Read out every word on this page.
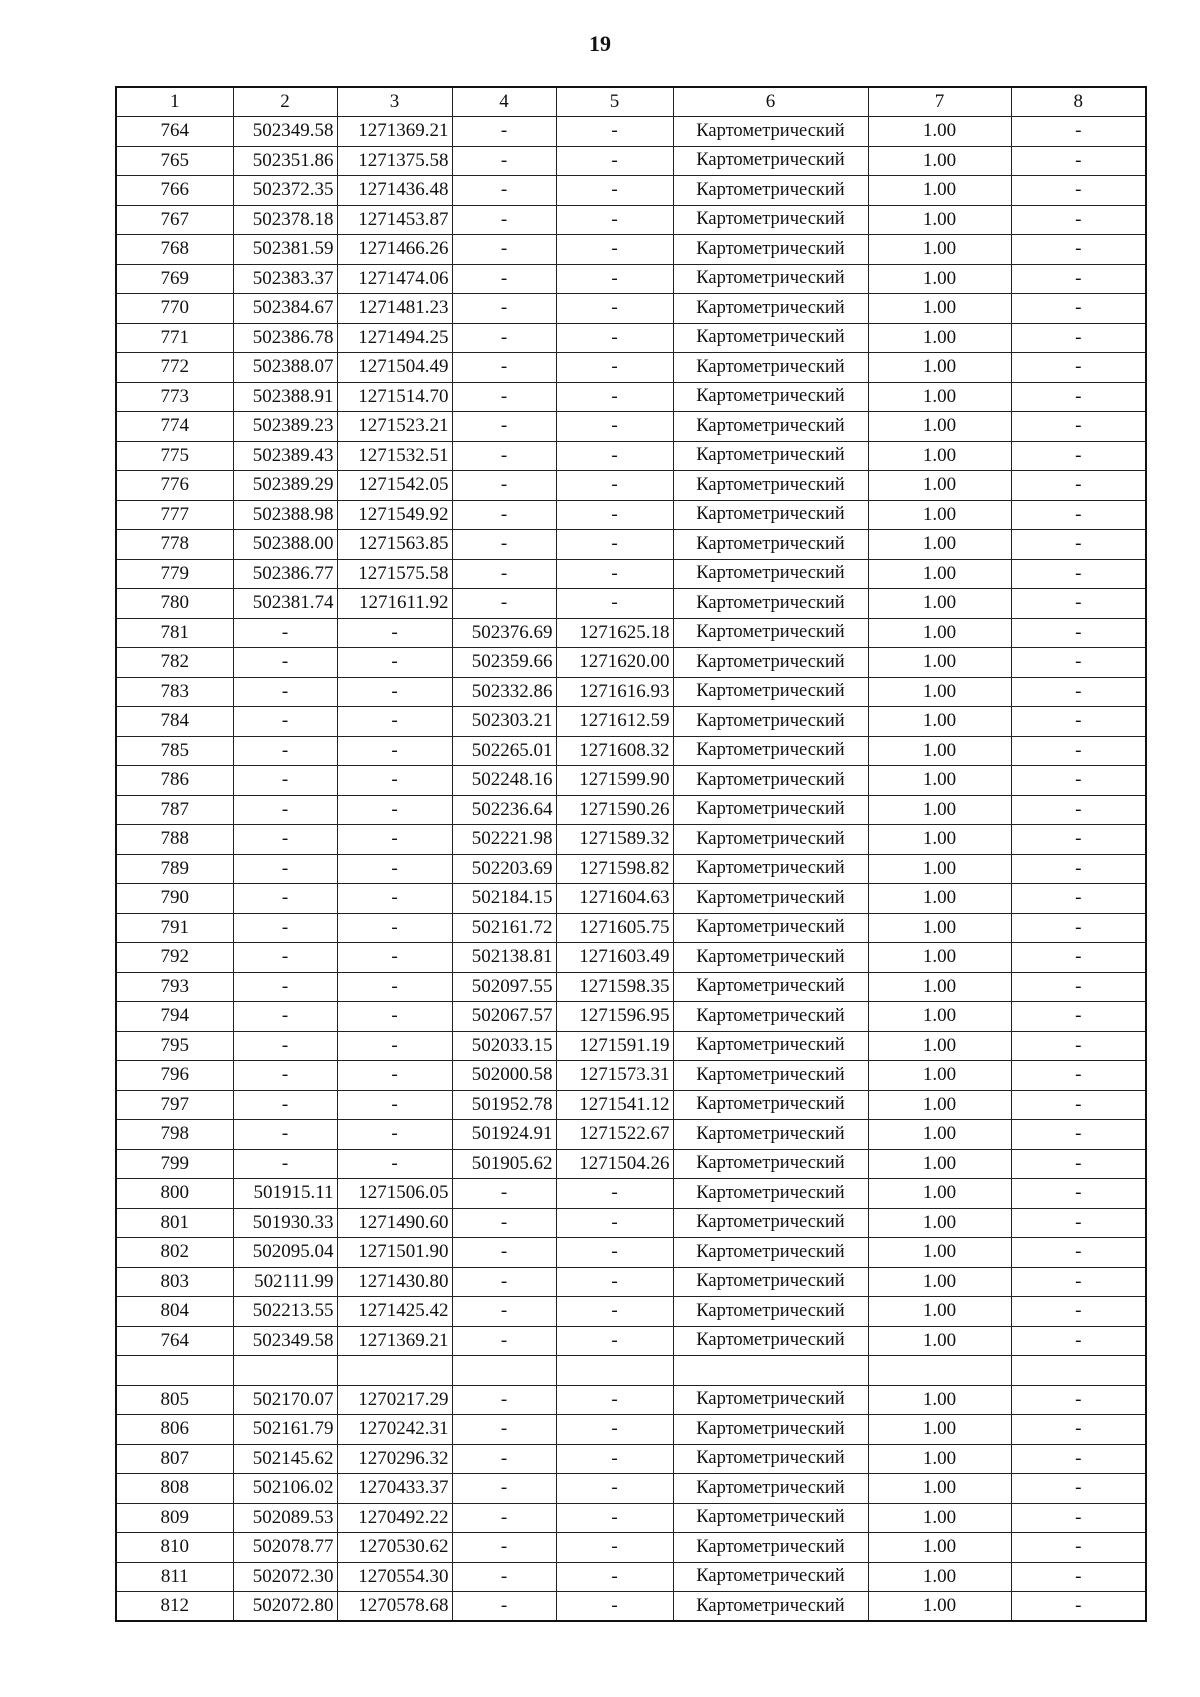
19
1	2	3	4	5	6	7	8
764	502349.58	1271369.21	-	-	Картометрический	1.00	-
765	502351.86	1271375.58	-	-	Картометрический	1.00	-
766	502372.35	1271436.48	-	-	Картометрический	1.00	-
767	502378.18	1271453.87	-	-	Картометрический	1.00	-
768	502381.59	1271466.26	-	-	Картометрический	1.00	-
769	502383.37	1271474.06	-	-	Картометрический	1.00	-
770	502384.67	1271481.23	-	-	Картометрический	1.00	-
771	502386.78	1271494.25	-	-	Картометрический	1.00	-
772	502388.07	1271504.49	-	-	Картометрический	1.00	-
773	502388.91	1271514.70	-	-	Картометрический	1.00	-
774	502389.23	1271523.21	-	-	Картометрический	1.00	-
775	502389.43	1271532.51	-	-	Картометрический	1.00	-
776	502389.29	1271542.05	-	-	Картометрический	1.00	-
777	502388.98	1271549.92	-	-	Картометрический	1.00	-
778	502388.00	1271563.85	-	-	Картометрический	1.00	-
779	502386.77	1271575.58	-	-	Картометрический	1.00	-
780	502381.74	1271611.92	-	-	Картометрический	1.00	-
781	-	-	502376.69	1271625.18	Картометрический	1.00	-
782	-	-	502359.66	1271620.00	Картометрический	1.00	-
783	-	-	502332.86	1271616.93	Картометрический	1.00	-
784	-	-	502303.21	1271612.59	Картометрический	1.00	-
785	-	-	502265.01	1271608.32	Картометрический	1.00	-
786	-	-	502248.16	1271599.90	Картометрический	1.00	-
787	-	-	502236.64	1271590.26	Картометрический	1.00	-
788	-	-	502221.98	1271589.32	Картометрический	1.00	-
789	-	-	502203.69	1271598.82	Картометрический	1.00	-
790	-	-	502184.15	1271604.63	Картометрический	1.00	-
791	-	-	502161.72	1271605.75	Картометрический	1.00	-
792	-	-	502138.81	1271603.49	Картометрический	1.00	-
793	-	-	502097.55	1271598.35	Картометрический	1.00	-
794	-	-	502067.57	1271596.95	Картометрический	1.00	-
795	-	-	502033.15	1271591.19	Картометрический	1.00	-
796	-	-	502000.58	1271573.31	Картометрический	1.00	-
797	-	-	501952.78	1271541.12	Картометрический	1.00	-
798	-	-	501924.91	1271522.67	Картометрический	1.00	-
799	-	-	501905.62	1271504.26	Картометрический	1.00	-
800	501915.11	1271506.05	-	-	Картометрический	1.00	-
801	501930.33	1271490.60	-	-	Картометрический	1.00	-
802	502095.04	1271501.90	-	-	Картометрический	1.00	-
803	502111.99	1271430.80	-	-	Картометрический	1.00	-
804	502213.55	1271425.42	-	-	Картометрический	1.00	-
764	502349.58	1271369.21	-	-	Картометрический	1.00	-

805	502170.07	1270217.29	-	-	Картометрический	1.00	-
806	502161.79	1270242.31	-	-	Картометрический	1.00	-
807	502145.62	1270296.32	-	-	Картометрический	1.00	-
808	502106.02	1270433.37	-	-	Картометрический	1.00	-
809	502089.53	1270492.22	-	-	Картометрический	1.00	-
810	502078.77	1270530.62	-	-	Картометрический	1.00	-
811	502072.30	1270554.30	-	-	Картометрический	1.00	-
812	502072.80	1270578.68	-	-	Картометрический	1.00	-
